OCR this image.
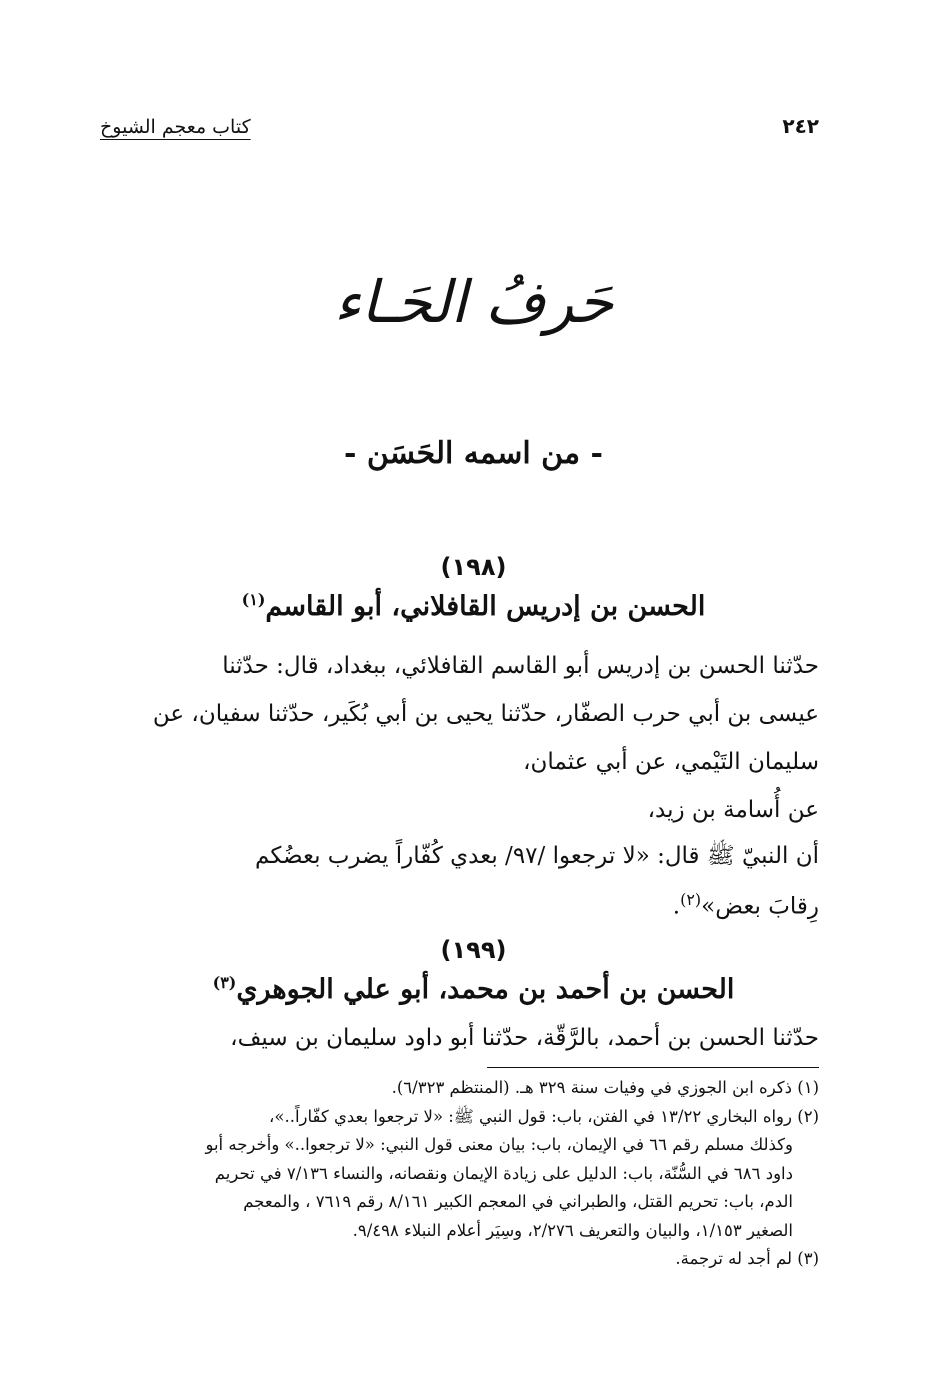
٢٤٢
كتاب معجم الشيوخ
حَرفُ الحَـاء
- من اسمه الحَسَن -
(١٩٨)
الحسن بن إدريس القافلاني، أبو القاسم$^{(١)}$

حدّثنا الحسن بن إدريس أبو القاسم القافلائي، ببغداد، قال: حدّثنا

عيسى بن أبي حرب الصفّار، حدّثنا يحيى بن أبي بُكَير، حدّثنا سفيان، عن

سليمان التَيْمي، عن أبي عثمان،

عن أُسامة بن زيد،

أن النبيّ ﷺ قال: «لا ترجعوا /٩٧/ بعدي كُفّاراً يضرب بعضُكم

رِقابَ بعض»$^{(٢)}$.

(١٩٩)
الحسن بن أحمد بن محمد، أبو علي الجوهري$^{(٣)}$

حدّثنا الحسن بن أحمد، بالرَّقّة، حدّثنا أبو داود سليمان بن سيف،

(١) ذكره ابن الجوزي في وفيات سنة ٣٢٩ هـ. (المنتظم ٦/٣٢٣).

(٢) رواه البخاري ١٣/٢٢ في الفتن، باب: قول النبي ﷺ: «لا ترجعوا بعدي كفّاراً..»،

وكذلك مسلم رقم ٦٦ في الإيمان، باب: بيان معنى قول النبي: «لا ترجعوا..» وأخرجه أبو

داود ٦٨٦ في السُّنّة، باب: الدليل على زيادة الإيمان ونقصانه، والنساء ٧/١٣٦ في تحريم

الدم، باب: تحريم القتل، والطبراني في المعجم الكبير ٨/١٦١ رقم ٧٦١٩ ، والمعجم

الصغير ١/١٥٣، والبيان والتعريف ٢/٢٧٦، وسِيَر أعلام النبلاء ٩/٤٩٨.

(٣) لم أجد له ترجمة.
